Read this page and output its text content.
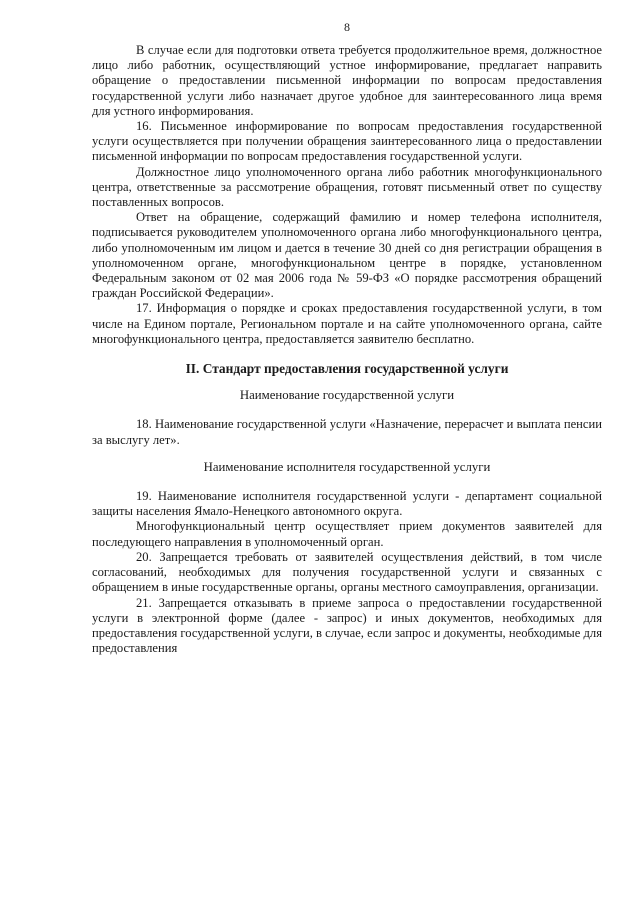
8

В случае если для подготовки ответа требуется продолжительное время, должностное лицо либо работник, осуществляющий устное информирование, предлагает направить обращение о предоставлении письменной информации по вопросам предоставления государственной услуги либо назначает другое удобное для заинтересованного лица время для устного информирования.

16. Письменное информирование по вопросам предоставления государственной услуги осуществляется при получении обращения заинтересованного лица о предоставлении письменной информации по вопросам предоставления государственной услуги.

Должностное лицо уполномоченного органа либо работник многофункционального центра, ответственные за рассмотрение обращения, готовят письменный ответ по существу поставленных вопросов.

Ответ на обращение, содержащий фамилию и номер телефона исполнителя, подписывается руководителем уполномоченного органа либо многофункционального центра, либо уполномоченным им лицом и дается в течение 30 дней со дня регистрации обращения в уполномоченном органе, многофункциональном центре в порядке, установленном Федеральным законом от 02 мая 2006 года № 59-ФЗ «О порядке рассмотрения обращений граждан Российской Федерации».

17. Информация о порядке и сроках предоставления государственной услуги, в том числе на Едином портале, Региональном портале и на сайте уполномоченного органа, сайте многофункционального центра, предоставляется заявителю бесплатно.

II. Стандарт предоставления государственной услуги

Наименование государственной услуги

18. Наименование государственной услуги «Назначение, перерасчет и выплата пенсии за выслугу лет».

Наименование исполнителя государственной услуги

19. Наименование исполнителя государственной услуги - департамент социальной защиты населения Ямало-Ненецкого автономного округа.

Многофункциональный центр осуществляет прием документов заявителей для последующего направления в уполномоченный орган.

20. Запрещается требовать от заявителей осуществления действий, в том числе согласований, необходимых для получения государственной услуги и связанных с обращением в иные государственные органы, органы местного самоуправления, организации.

21. Запрещается отказывать в приеме запроса о предоставлении государственной услуги в электронной форме (далее - запрос) и иных документов, необходимых для предоставления государственной услуги, в случае, если запрос и документы, необходимые для предоставления
